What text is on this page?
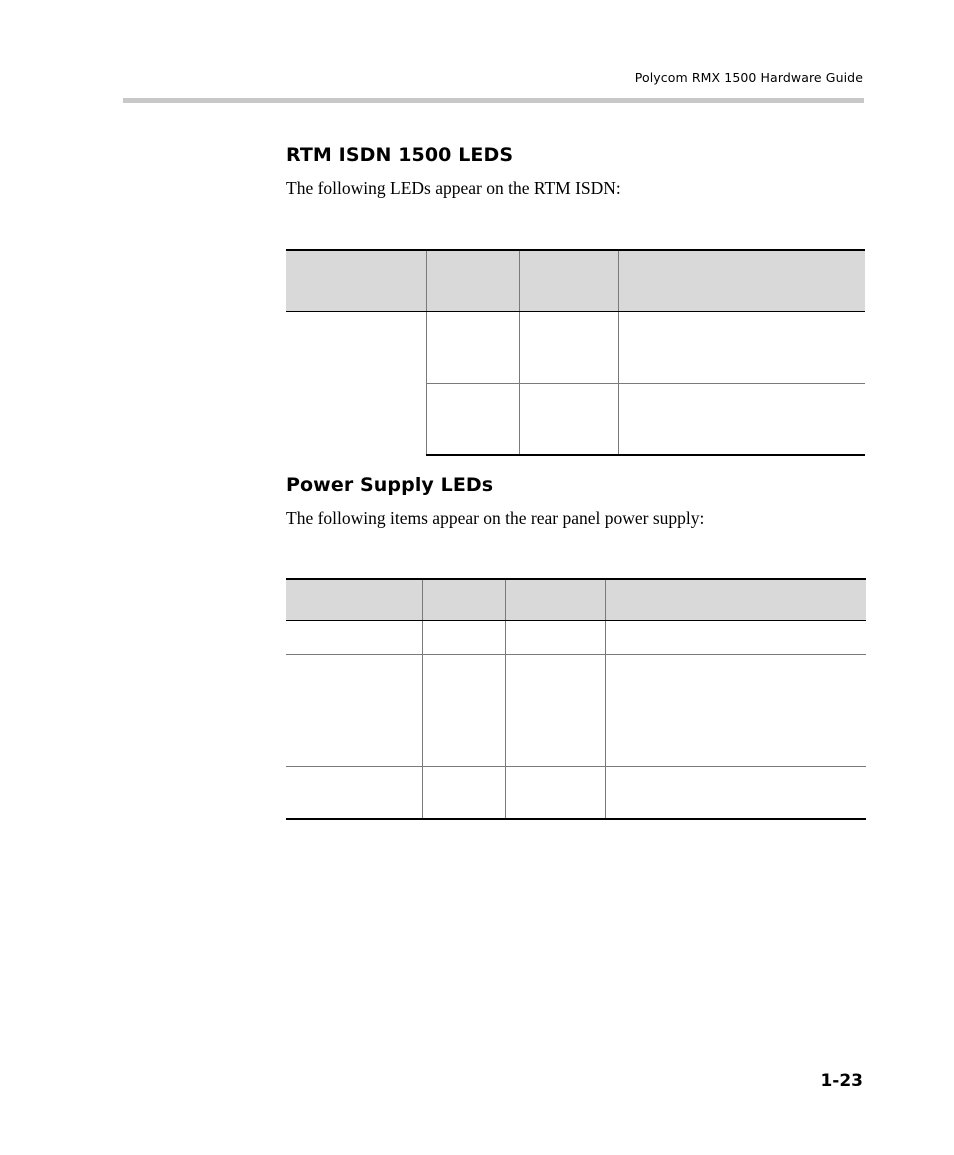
Polycom RMX 1500 Hardware Guide
RTM ISDN 1500 LEDS

The following LEDs appear on the RTM ISDN:

Power Supply LEDs

The following items appear on the rear panel power supply:

1-23
